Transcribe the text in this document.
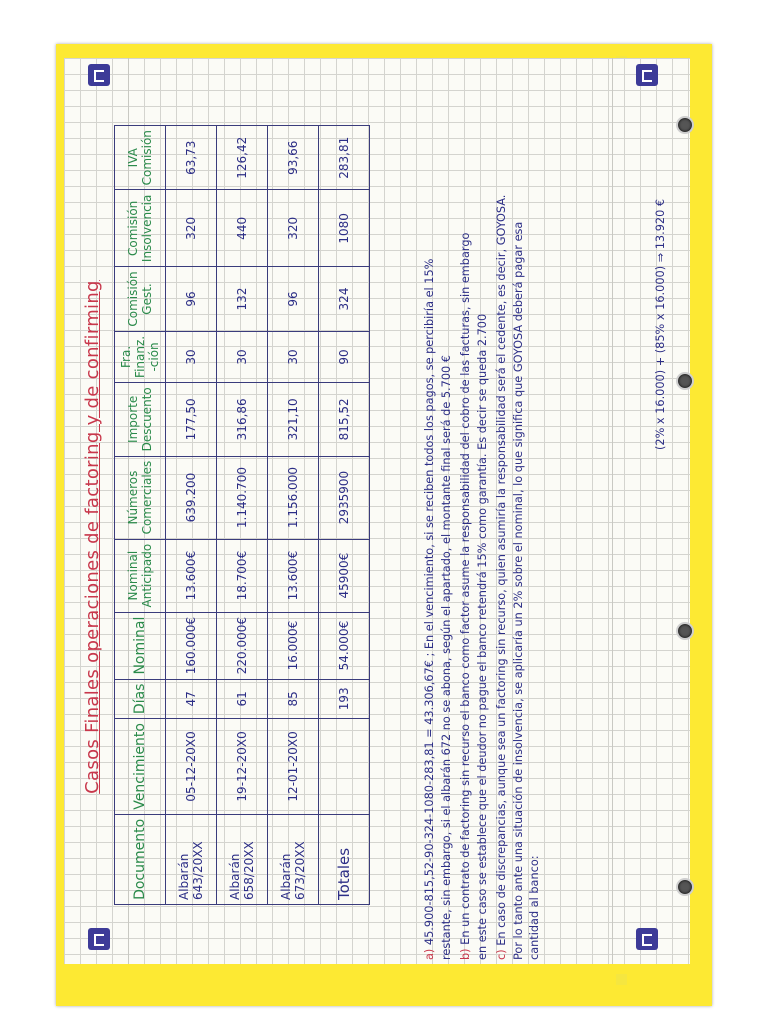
Casos Finales operaciones de factoring y de confirming
Documento	Vencimiento	Días	Nominal	Nominal Anticipado	Números Comerciales	Importe Descuento	Fra. Finanz. -ción	Comisión Gest.	Comisión Insolvencia	IVA Comisión
Albarán 643/20XX	05-12-20X0	47	160.000€	13.600€	639.200	177,50	30	96	320	63,73
Albarán 658/20XX	19-12-20X0	61	220.000€	18.700€	1.140.700	316,86	30	132	440	126,42
Albarán 673/20XX	12-01-20X0	85	16.000€	13.600€	1.156.000	321,10	30	96	320	93,66
Totales		193	54.000€	45900€	2935900	815,52	90	324	1080	283,81

a) 45.900-815,52-90-324-1080-283,81 = 43.306,67€ ; En el vencimiento, si se reciben todos los pagos, se percibiría el 15% restante, sin embargo, si el albarán 672 no se abona, según el apartado, el montante final será de 5.700 € b) En un contrato de factoring sin recurso el banco como factor asume la responsabilidad del cobro de las facturas, sin embargo en este caso se establece que el deudor no pague el banco retendrá 15% como garantía. Es decir se queda 2.700 c) En caso de discrepancias, aunque sea un factoring sin recurso, quien asumiría la responsabilidad será el cedente, es decir, GOYOSA. Por lo tanto ante una situación de insolvencia, se aplicaría un 2% sobre el nominal, lo que significa que GOYOSA deberá pagar esa cantidad al banco:

(2% x 16.000) + (85% x 16.000) ⇒ 13.920 €
